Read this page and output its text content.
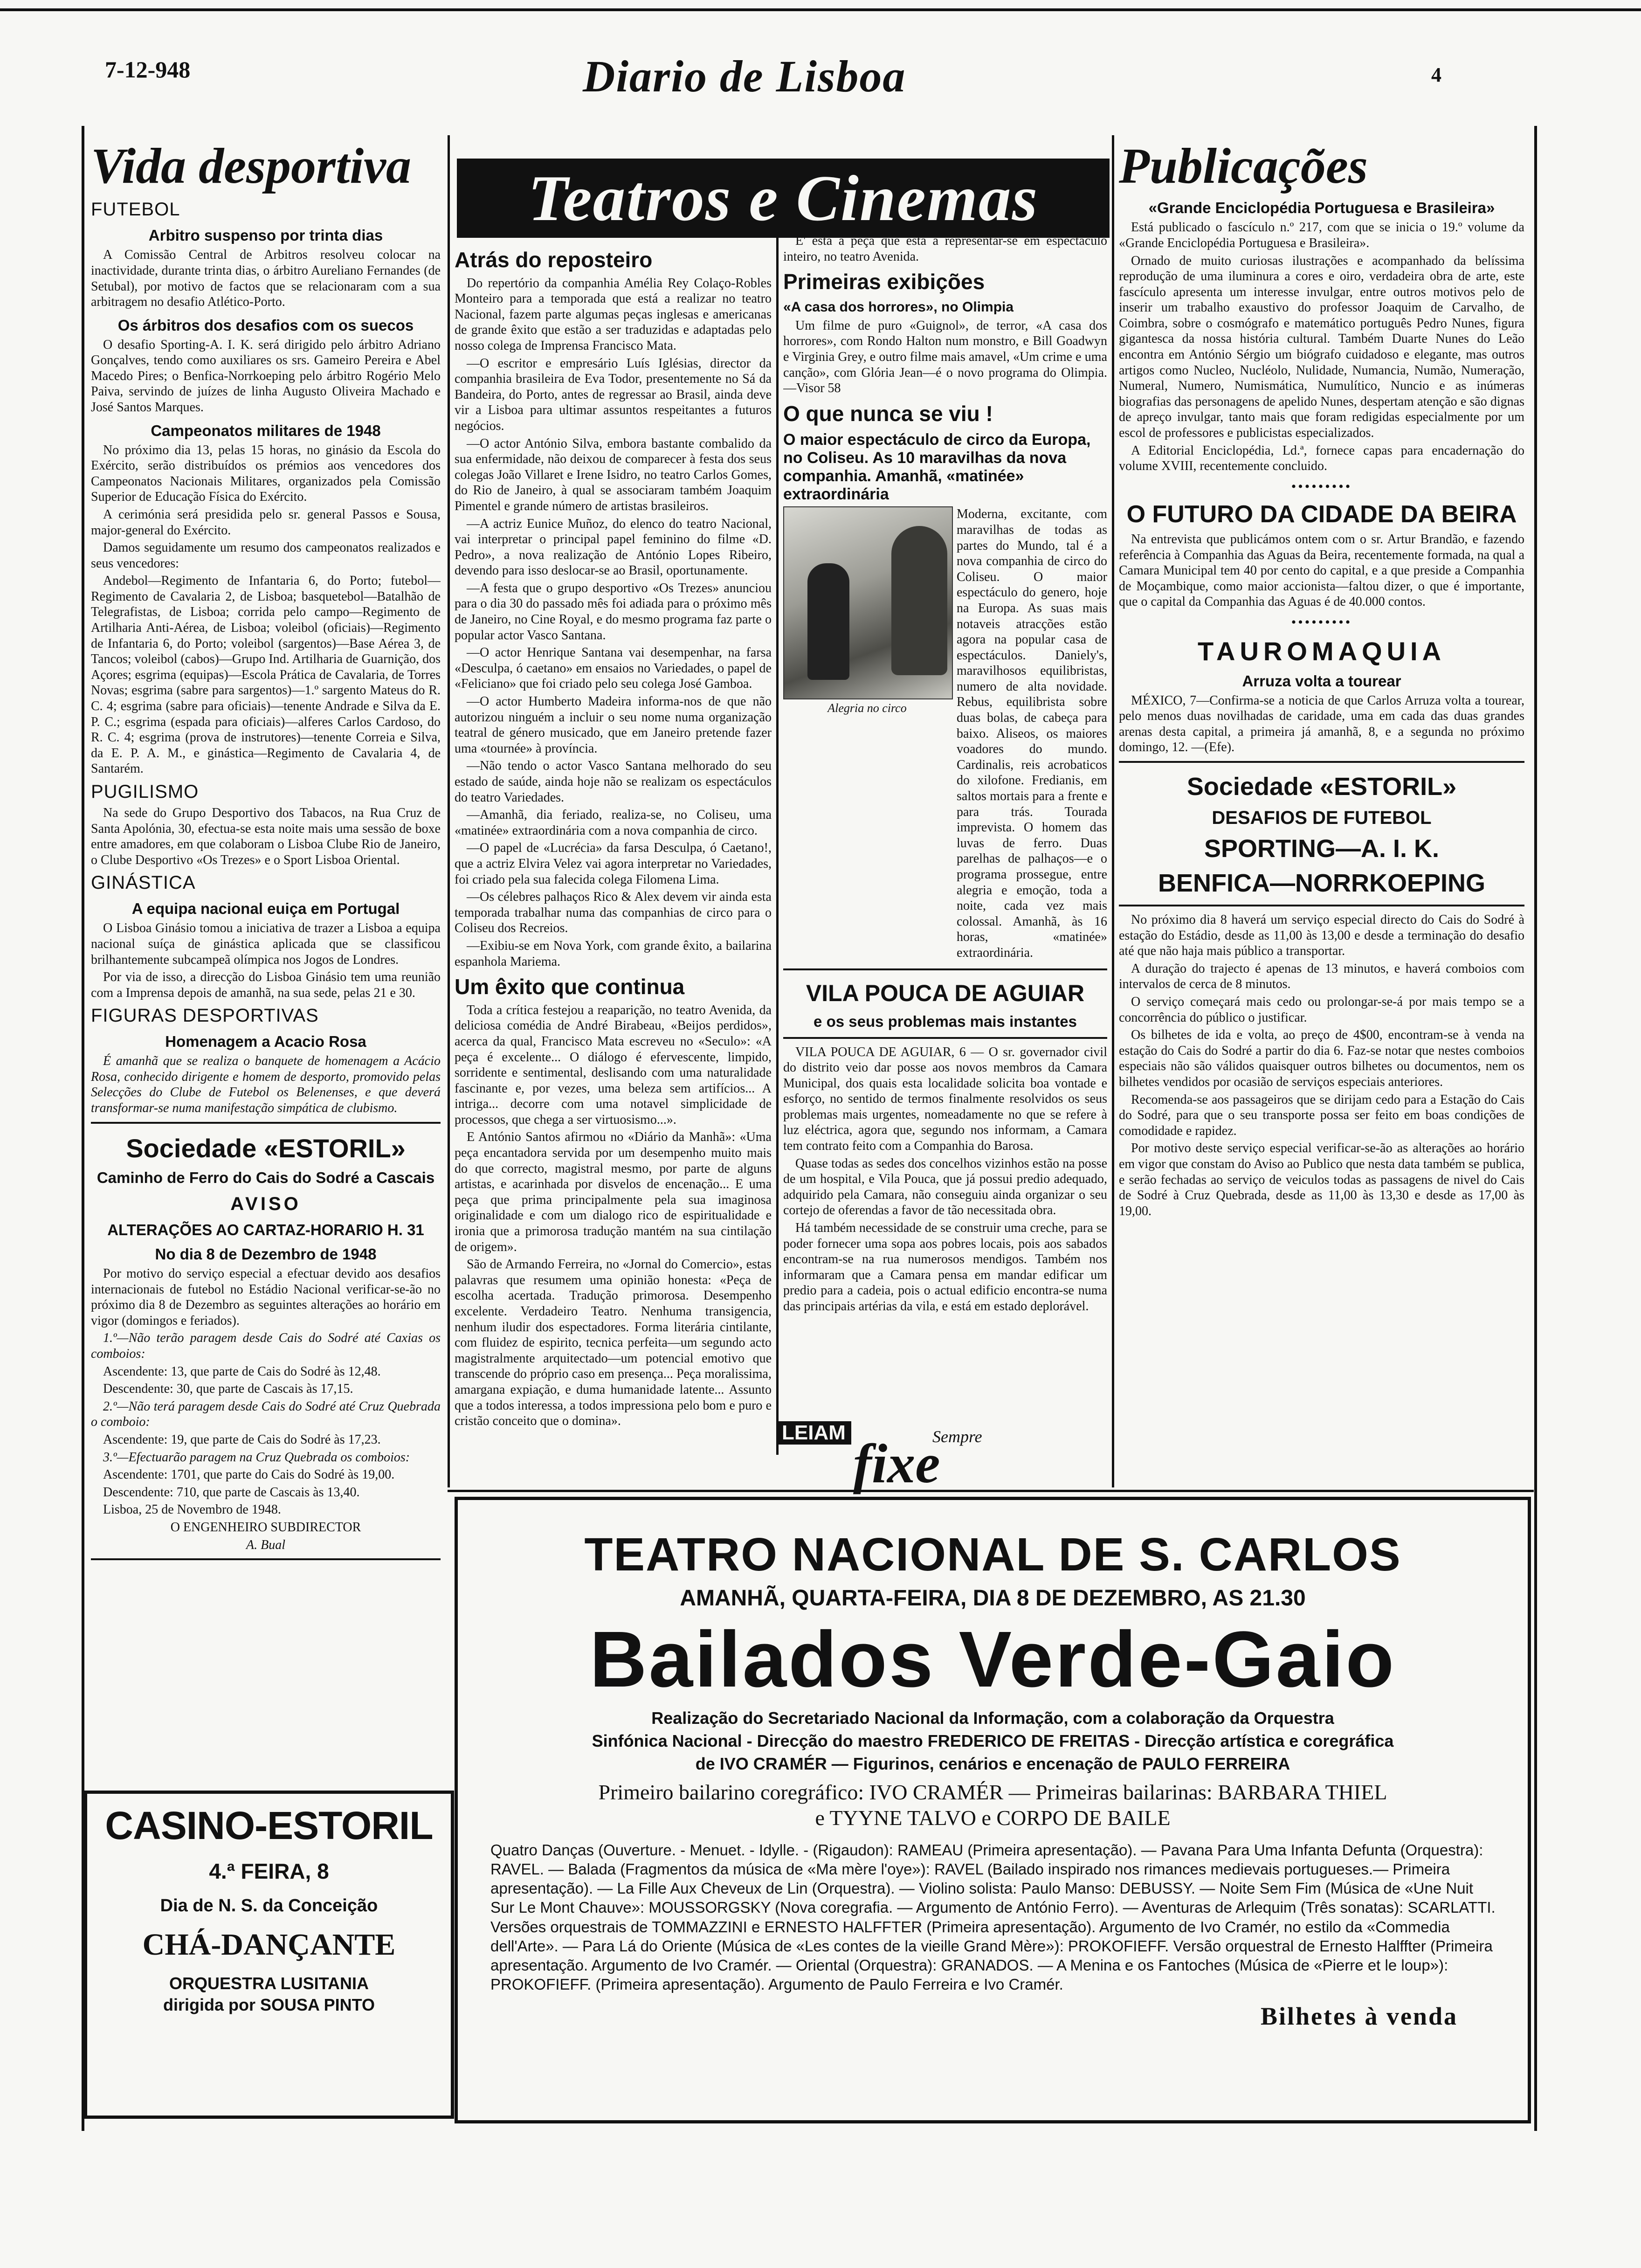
7-12-948	Diario de Lisboa	4
Vida desportiva
FUTEBOL
Arbitro suspenso por trinta dias

A Comissão Central de Arbitros resolveu colocar na inactividade, durante trinta dias, o árbitro Aureliano Fernandes (de Setubal), por motivo de factos que se relacionaram com a sua arbitragem no desafio Atlético-Porto.

Os árbitros dos desafios com os suecos

O desafio Sporting-A. I. K. será dirigido pelo árbitro Adriano Gonçalves, tendo como auxiliares os srs. Gameiro Pereira e Abel Macedo Pires; o Benfica-Norrkoeping pelo árbitro Rogério Melo Paiva, servindo de juízes de linha Augusto Oliveira Machado e José Santos Marques.

Campeonatos militares de 1948

No próximo dia 13, pelas 15 horas, no ginásio da Escola do Exército, serão distribuídos os prémios aos vencedores dos Campeonatos Nacionais Militares, organizados pela Comissão Superior de Educação Física do Exército.

A cerimónia será presidida pelo sr. general Passos e Sousa, major-general do Exército.

Damos seguidamente um resumo dos campeonatos realizados e seus vencedores:

Andebol—Regimento de Infantaria 6, do Porto; futebol—Regimento de Cavalaria 2, de Lisboa; basquetebol—Batalhão de Telegrafistas, de Lisboa; corrida pelo campo—Regimento de Artilharia Anti-Aérea, de Lisboa; voleibol (oficiais)—Regimento de Infantaria 6, do Porto; voleibol (sargentos)—Base Aérea 3, de Tancos; voleibol (cabos)—Grupo Ind. Artilharia de Guarnição, dos Açores; esgrima (equipas)—Escola Prática de Cavalaria, de Torres Novas; esgrima (sabre para sargentos)—1.º sargento Mateus do R. C. 4; esgrima (sabre para oficiais)—tenente Andrade e Silva da E. P. C.; esgrima (espada para oficiais)—alferes Carlos Cardoso, do R. C. 4; esgrima (prova de instrutores)—tenente Correia e Silva, da E. P. A. M., e ginástica—Regimento de Cavalaria 4, de Santarém.

PUGILISMO

Na sede do Grupo Desportivo dos Tabacos, na Rua Cruz de Santa Apolónia, 30, efectua-se esta noite mais uma sessão de boxe entre amadores, em que colaboram o Lisboa Clube Rio de Janeiro, o Clube Desportivo «Os Trezes» e o Sport Lisboa Oriental.

GINÁSTICA
A equipa nacional euiça em Portugal

O Lisboa Ginásio tomou a iniciativa de trazer a Lisboa a equipa nacional suíça de ginástica aplicada que se classificou brilhantemente subcampeã olímpica nos Jogos de Londres.

Por via de isso, a direcção do Lisboa Ginásio tem uma reunião com a Imprensa depois de amanhã, na sua sede, pelas 21 e 30.

FIGURAS DESPORTIVAS
Homenagem a Acacio Rosa

É amanhã que se realiza o banquete de homenagem a Acácio Rosa, conhecido dirigente e homem de desporto, promovido pelas Selecções do Clube de Futebol os Belenenses, e que deverá transformar-se numa manifestação simpática de clubismo.

Sociedade «ESTORIL»
Caminho de Ferro do Cais do Sodré a Cascais
AVISO
ALTERAÇÕES AO CARTAZ-HORARIO H. 31
No dia 8 de Dezembro de 1948

Por motivo do serviço especial a efectuar devido aos desafios internacionais de futebol no Estádio Nacional verificar-se-ão no próximo dia 8 de Dezembro as seguintes alterações ao horário em vigor (domingos e feriados).

1.º—Não terão paragem desde Cais do Sodré até Caxias os comboios:

Ascendente: 13, que parte de Cais do Sodré às 12,48.

Descendente: 30, que parte de Cascais às 17,15.

2.º—Não terá paragem desde Cais do Sodré até Cruz Quebrada o comboio:

Ascendente: 19, que parte de Cais do Sodré às 17,23.

3.º—Efectuarão paragem na Cruz Quebrada os comboios:

Ascendente: 1701, que parte do Cais do Sodré às 19,00.

Descendente: 710, que parte de Cascais às 13,40.

Lisboa, 25 de Novembro de 1948.

O ENGENHEIRO SUBDIRECTOR

A. Bual

CASINO-ESTORIL
4.ª FEIRA, 8
Dia de N. S. da Conceição
CHÁ-DANÇANTE
ORQUESTRA LUSITANIA
dirigida por SOUSA PINTO
Teatros e Cinemas
Atrás do reposteiro

Do repertório da companhia Amélia Rey Colaço-Robles Monteiro para a temporada que está a realizar no teatro Nacional, fazem parte algumas peças inglesas e americanas de grande êxito que estão a ser traduzidas e adaptadas pelo nosso colega de Imprensa Francisco Mata.

—O escritor e empresário Luís Iglésias, director da companhia brasileira de Eva Todor, presentemente no Sá da Bandeira, do Porto, antes de regressar ao Brasil, ainda deve vir a Lisboa para ultimar assuntos respeitantes a futuros negócios.

—O actor António Silva, embora bastante combalido da sua enfermidade, não deixou de comparecer à festa dos seus colegas João Villaret e Irene Isidro, no teatro Carlos Gomes, do Rio de Janeiro, à qual se associaram também Joaquim Pimentel e grande número de artistas brasileiros.

—A actriz Eunice Muñoz, do elenco do teatro Nacional, vai interpretar o principal papel feminino do filme «D. Pedro», a nova realização de António Lopes Ribeiro, devendo para isso deslocar-se ao Brasil, oportunamente.

—A festa que o grupo desportivo «Os Trezes» anunciou para o dia 30 do passado mês foi adiada para o próximo mês de Janeiro, no Cine Royal, e do mesmo programa faz parte o popular actor Vasco Santana.

—O actor Henrique Santana vai desempenhar, na farsa «Desculpa, ó caetano» em ensaios no Variedades, o papel de «Feliciano» que foi criado pelo seu colega José Gamboa.

—O actor Humberto Madeira informa-nos de que não autorizou ninguém a incluir o seu nome numa organização teatral de género musicado, que em Janeiro pretende fazer uma «tournée» à província.

—Não tendo o actor Vasco Santana melhorado do seu estado de saúde, ainda hoje não se realizam os espectáculos do teatro Variedades.

—Amanhã, dia feriado, realiza-se, no Coliseu, uma «matinée» extraordinária com a nova companhia de circo.

—O papel de «Lucrécia» da farsa Desculpa, ó Caetano!, que a actriz Elvira Velez vai agora interpretar no Variedades, foi criado pela sua falecida colega Filomena Lima.

—Os célebres palhaços Rico & Alex devem vir ainda esta temporada trabalhar numa das companhias de circo para o Coliseu dos Recreios.

—Exibiu-se em Nova York, com grande êxito, a bailarina espanhola Mariema.

Um êxito que continua

Toda a crítica festejou a reaparição, no teatro Avenida, da deliciosa comédia de André Birabeau, «Beijos perdidos», acerca da qual, Francisco Mata escreveu no «Seculo»: «A peça é excelente... O diálogo é efervescente, limpido, sorridente e sentimental, deslisando com uma naturalidade fascinante e, por vezes, uma beleza sem artifícios... A intriga... decorre com uma notavel simplicidade de processos, que chega a ser virtuosismo...».

E António Santos afirmou no «Diário da Manhã»: «Uma peça encantadora servida por um desempenho muito mais do que correcto, magistral mesmo, por parte de alguns artistas, e acarinhada por disvelos de encenação... E uma peça que prima principalmente pela sua imaginosa originalidade e com um dialogo rico de espiritualidade e ironia que a primorosa tradução mantém na sua cintilação de origem».

São de Armando Ferreira, no «Jornal do Comercio», estas palavras que resumem uma opinião honesta: «Peça de escolha acertada. Tradução primorosa. Desempenho excelente. Verdadeiro Teatro. Nenhuma transigencia, nenhum iludir dos espectadores. Forma literária cintilante, com fluidez de espirito, tecnica perfeita—um segundo acto magistralmente arquitectado—um potencial emotivo que transcende do próprio caso em presença... Peça moralissima, amargana expiação, e duma humanidade latente... Assunto que a todos interessa, a todos impressiona pelo bom e puro e cristão conceito que o domina».

E' esta a peça que está a representar-se em espectáculo inteiro, no teatro Avenida.

Primeiras exibições
«A casa dos horrores», no Olimpia

Um filme de puro «Guignol», de terror, «A casa dos horrores», com Rondo Halton num monstro, e Bill Goadwyn e Virginia Grey, e outro filme mais amavel, «Um crime e uma canção», com Glória Jean—é o novo programa do Olimpia.—Visor 58

O que nunca se viu !
O maior espectáculo de circo da Europa, no Coliseu. As 10 maravilhas da nova companhia. Amanhã, «matinée» extraordinária
Alegria no circo

Moderna, excitante, com maravilhas de todas as partes do Mundo, tal é a nova companhia de circo do Coliseu. O maior espectáculo do genero, hoje na Europa. As suas mais notaveis atracções estão agora na popular casa de espectáculos. Daniely's, maravilhosos equilibristas, numero de alta novidade. Rebus, equilibrista sobre duas bolas, de cabeça para baixo. Aliseos, os maiores voadores do mundo. Cardinalis, reis acrobaticos do xilofone. Fredianis, em saltos mortais para a frente e para trás. Tourada imprevista. O homem das luvas de ferro. Duas parelhas de palhaços—e o programa prossegue, entre alegria e emoção, toda a noite, cada vez mais colossal. Amanhã, às 16 horas, «matinée» extraordinária.

VILA POUCA DE AGUIAR
e os seus problemas mais instantes

VILA POUCA DE AGUIAR, 6 — O sr. governador civil do distrito veio dar posse aos novos membros da Camara Municipal, dos quais esta localidade solicita boa vontade e esforço, no sentido de termos finalmente resolvidos os seus problemas mais urgentes, nomeadamente no que se refere à luz eléctrica, agora que, segundo nos informam, a Camara tem contrato feito com a Companhia do Barosa.

Quase todas as sedes dos concelhos vizinhos estão na posse de um hospital, e Vila Pouca, que já possui predio adequado, adquirido pela Camara, não conseguiu ainda organizar o seu cortejo de oferendas a favor de tão necessitada obra.

Há também necessidade de se construir uma creche, para se poder fornecer uma sopa aos pobres locais, pois aos sabados encontram-se na rua numerosos mendigos. Também nos informaram que a Camara pensa em mandar edificar um predio para a cadeia, pois o actual edificio encontra-se numa das principais artérias da vila, e está em estado deplorável.

LEIAM	Sempre
fixe
Publicações
«Grande Enciclopédia Portuguesa e Brasileira»

Está publicado o fascículo n.º 217, com que se inicia o 19.º volume da «Grande Enciclopédia Portuguesa e Brasileira».

Ornado de muito curiosas ilustrações e acompanhado da belíssima reprodução de uma iluminura a cores e oiro, verdadeira obra de arte, este fascículo apresenta um interesse invulgar, entre outros motivos pelo de inserir um trabalho exaustivo do professor Joaquim de Carvalho, de Coimbra, sobre o cosmógrafo e matemático português Pedro Nunes, figura gigantesca da nossa história cultural. Também Duarte Nunes do Leão encontra em António Sérgio um biógrafo cuidadoso e elegante, mas outros artigos como Nucleo, Nucléolo, Nulidade, Numancia, Numão, Numeração, Numeral, Numero, Numismática, Numulítico, Nuncio e as inúmeras biografias das personagens de apelido Nunes, despertam atenção e são dignas de apreço invulgar, tanto mais que foram redigidas especialmente por um escol de professores e publicistas especializados.

A Editorial Enciclopédia, Ld.ª, fornece capas para encadernação do volume XVIII, recentemente concluido.

•••••••••
O FUTURO DA CIDADE DA BEIRA

Na entrevista que publicámos ontem com o sr. Artur Brandão, e fazendo referência à Companhia das Aguas da Beira, recentemente formada, na qual a Camara Municipal tem 40 por cento do capital, e a que preside a Companhia de Moçambique, como maior accionista—faltou dizer, o que é importante, que o capital da Companhia das Aguas é de 40.000 contos.

•••••••••
TAUROMAQUIA
Arruza volta a tourear

MÉXICO, 7—Confirma-se a noticia de que Carlos Arruza volta a tourear, pelo menos duas novilhadas de caridade, uma em cada das duas grandes arenas desta capital, a primeira já amanhã, 8, e a segunda no próximo domingo, 12. —(Efe).

Sociedade «ESTORIL»
DESAFIOS DE FUTEBOL
SPORTING—A. I. K.
BENFICA—NORRKOEPING

No próximo dia 8 haverá um serviço especial directo do Cais do Sodré à estação do Estádio, desde as 11,00 às 13,00 e desde a terminação do desafio até que não haja mais público a transportar.

A duração do trajecto é apenas de 13 minutos, e haverá comboios com intervalos de cerca de 8 minutos.

O serviço começará mais cedo ou prolongar-se-á por mais tempo se a concorrência do público o justificar.

Os bilhetes de ida e volta, ao preço de 4$00, encontram-se à venda na estação do Cais do Sodré a partir do dia 6. Faz-se notar que nestes comboios especiais não são válidos quaisquer outros bilhetes ou documentos, nem os bilhetes vendidos por ocasião de serviços especiais anteriores.

Recomenda-se aos passageiros que se dirijam cedo para a Estação do Cais do Sodré, para que o seu transporte possa ser feito em boas condições de comodidade e rapidez.

Por motivo deste serviço especial verificar-se-ão as alterações ao horário em vigor que constam do Aviso ao Publico que nesta data também se publica, e serão fechadas ao serviço de veiculos todas as passagens de nivel do Cais de Sodré à Cruz Quebrada, desde as 11,00 às 13,30 e desde as 17,00 às 19,00.

TEATRO NACIONAL DE S. CARLOS
AMANHÃ, QUARTA-FEIRA, DIA 8 DE DEZEMBRO, AS 21.30
Bailados Verde-Gaio
Realização do Secretariado Nacional da Informação, com a colaboração da Orquestra
Sinfónica Nacional - Direcção do maestro FREDERICO DE FREITAS - Direcção artística e coregráfica
de IVO CRAMÉR — Figurinos, cenários e encenação de PAULO FERREIRA
Primeiro bailarino coregráfico: IVO CRAMÉR — Primeiras bailarinas: BARBARA THIEL
e TYYNE TALVO e CORPO DE BAILE
Quatro Danças (Ouverture. - Menuet. - Idylle. - (Rigaudon): RAMEAU (Primeira apresentação). — Pavana Para Uma Infanta Defunta (Orquestra): RAVEL. — Balada (Fragmentos da música de «Ma mère l'oye»): RAVEL (Bailado inspirado nos rimances medievais portugueses.— Primeira apresentação). — La Fille Aux Cheveux de Lin (Orquestra). — Violino solista: Paulo Manso: DEBUSSY. — Noite Sem Fim (Música de «Une Nuit Sur Le Mont Chauve»: MOUSSORGSKY (Nova coregrafia. — Argumento de António Ferro). — Aventuras de Arlequim (Três sonatas): SCARLATTI. Versões orquestrais de TOMMAZZINI e ERNESTO HALFFTER (Primeira apresentação). Argumento de Ivo Cramér, no estilo da «Commedia dell'Arte». — Para Lá do Oriente (Música de «Les contes de la vieille Grand Mère»): PROKOFIEFF. Versão orquestral de Ernesto Halffter (Primeira apresentação. Argumento de Ivo Cramér. — Oriental (Orquestra): GRANADOS. — A Menina e os Fantoches (Música de «Pierre et le loup»): PROKOFIEFF. (Primeira apresentação). Argumento de Paulo Ferreira e Ivo Cramér.
Bilhetes à venda
